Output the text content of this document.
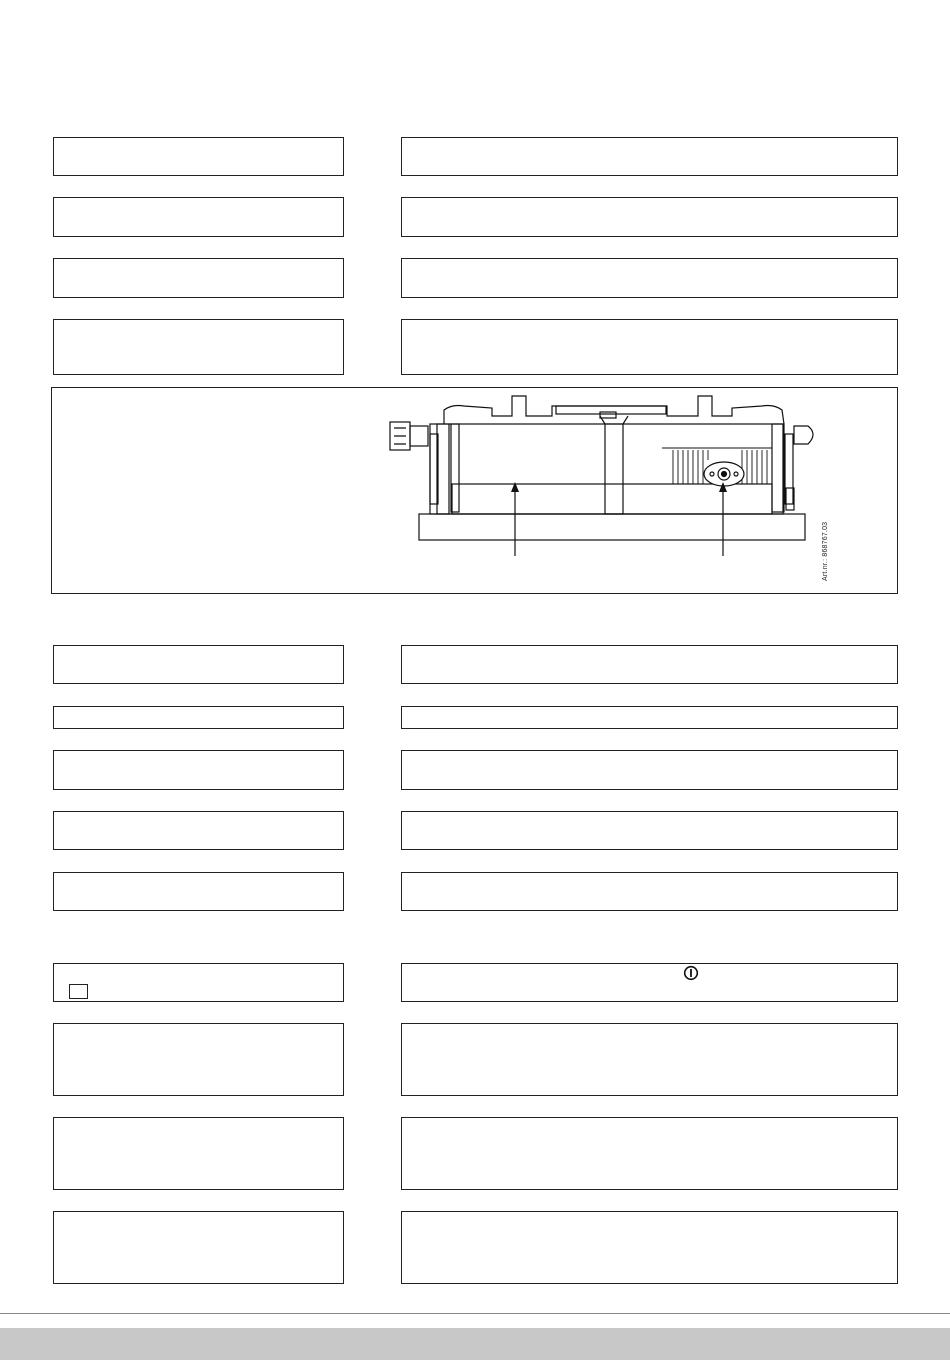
Art.nr.: 868767.03
